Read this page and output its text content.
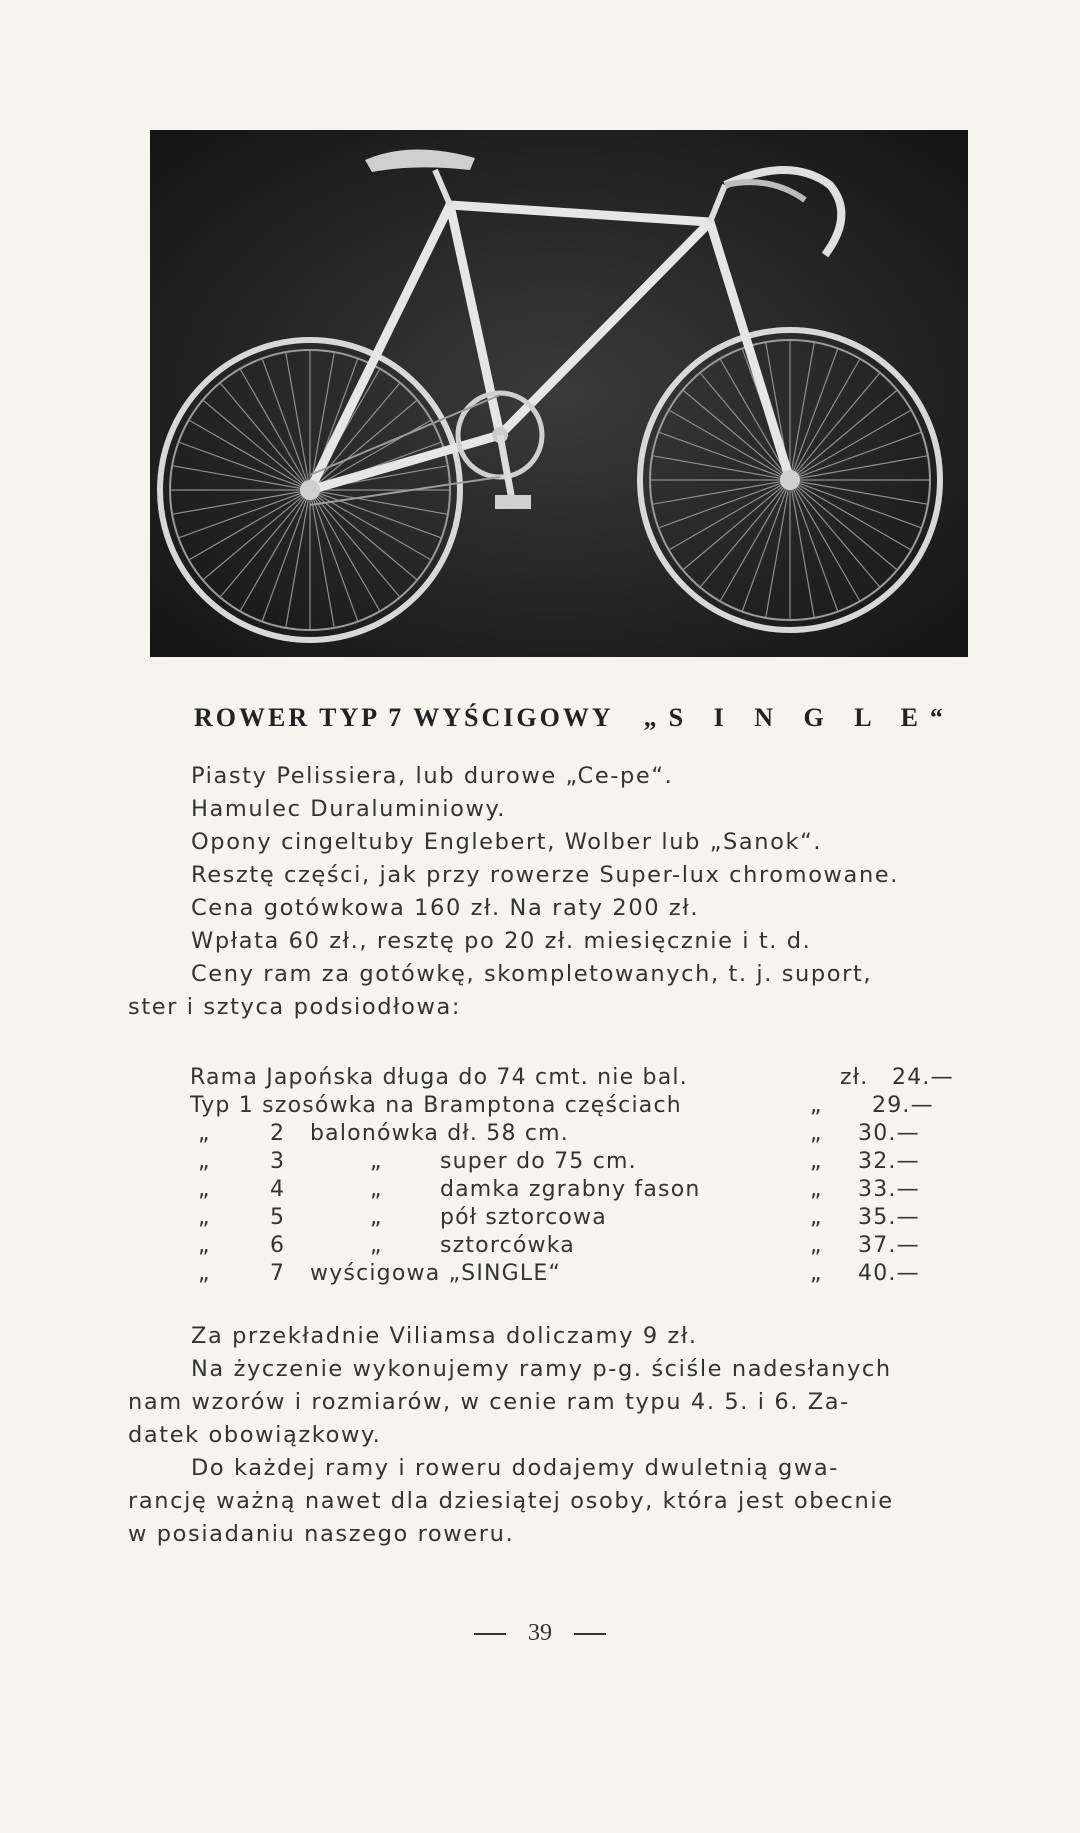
ROWER TYP 7 WYŚCIGOWY „S I N G L E“
Piasty Pelissiera, lub durowe „Ce-pe“.
Hamulec Duraluminiowy.
Opony cingeltuby Englebert, Wolber lub „Sanok“.
Resztę części, jak przy rowerze Super-lux chromowane.
Cena gotówkowa 160 zł. Na raty 200 zł.
Wpłata 60 zł., resztę po 20 zł. miesięcznie i t. d.
Ceny ram za gotówkę, skompletowanych, t. j. suport,
ster i sztyca podsiodłowa:
Rama Japońska długa do 74 cmt. nie bal.	zł. 24.—
Typ 1 szosówka na Bramptona częściach	„ 29.—
„	2 balonówka dł. 58 cm.	„ 30.—
„	3	„       super do 75 cm.	„ 32.—
„	4	„       damka zgrabny fason	„ 33.—
„	5	„       pół sztorcowa	„ 35.—
„	6	„       sztorcówka	„ 37.—
„	7 wyścigowa „SINGLE“	„ 40.—
Za przekładnie Viliamsa doliczamy 9 zł.
Na życzenie wykonujemy ramy p-g. ściśle nadesłanych
nam wzorów i rozmiarów, w cenie ram typu 4. 5. i 6. Za-
datek obowiązkowy.
Do każdej ramy i roweru dodajemy dwuletnią gwa-
rancję ważną nawet dla dziesiątej osoby, która jest obecnie
w posiadaniu naszego roweru.
39
